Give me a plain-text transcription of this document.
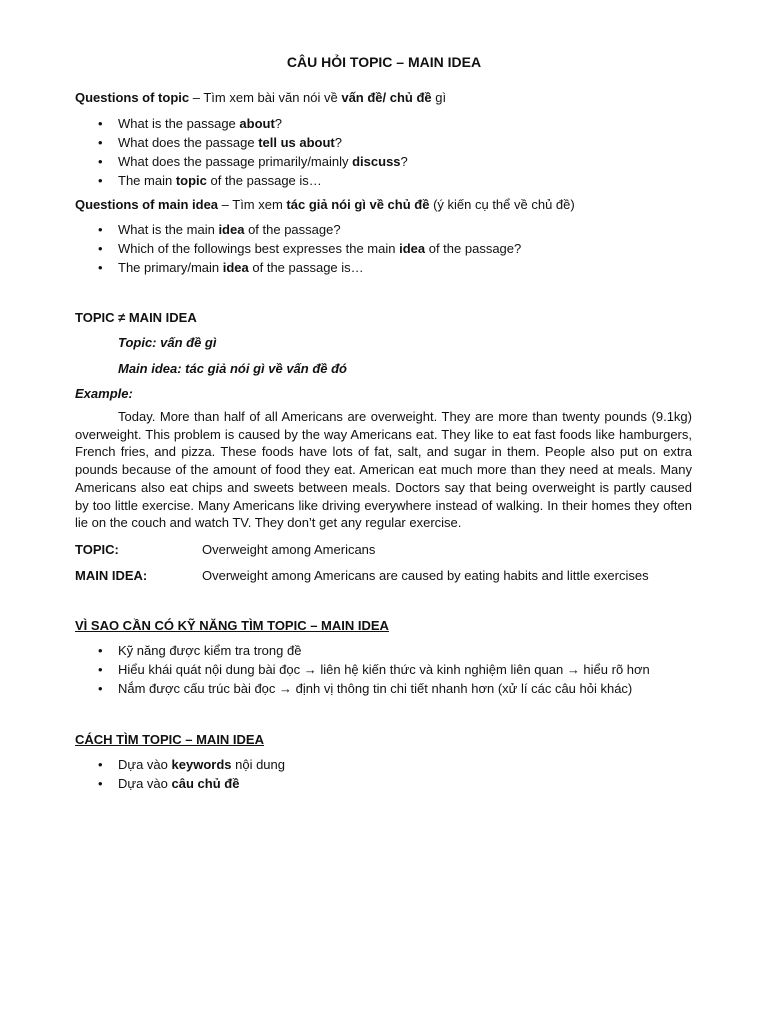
CÂU HỎI TOPIC – MAIN IDEA
Questions of topic – Tìm xem bài văn nói về vấn đề/ chủ đề gì
• What is the passage about?
• What does the passage tell us about?
• What does the passage primarily/mainly discuss?
• The main topic of the passage is…
Questions of main idea – Tìm xem tác giả nói gì về chủ đề (ý kiến cụ thể về chủ đề)
• What is the main idea of the passage?
• Which of the followings best expresses the main idea of the passage?
• The primary/main idea of the passage is…
TOPIC ≠ MAIN IDEA
Topic: vấn đề gì
Main idea: tác giả nói gì về vấn đề đó
Example:
Today. More than half of all Americans are overweight. They are more than twenty pounds (9.1kg) overweight. This problem is caused by the way Americans eat. They like to eat fast foods like hamburgers, French fries, and pizza. These foods have lots of fat, salt, and sugar in them. People also put on extra pounds because of the amount of food they eat. American eat much more than they need at meals. Many Americans also eat chips and sweets between meals. Doctors say that being overweight is partly caused by too little exercise. Many Americans like driving everywhere instead of walking. In their homes they often lie on the couch and watch TV. They don’t get any regular exercise.
TOPIC:	Overweight among Americans
MAIN IDEA:	Overweight among Americans are caused by eating habits and little exercises
VÌ SAO CẦN CÓ KỸ NĂNG TÌM TOPIC – MAIN IDEA
• Kỹ năng được kiểm tra trong đề
• Hiểu khái quát nội dung bài đọc → liên hệ kiến thức và kinh nghiệm liên quan → hiểu rõ hơn
• Nắm được cấu trúc bài đọc → định vị thông tin chi tiết nhanh hơn (xử lí các câu hỏi khác)
CÁCH TÌM TOPIC – MAIN IDEA
• Dựa vào keywords nội dung
• Dựa vào câu chủ đề
